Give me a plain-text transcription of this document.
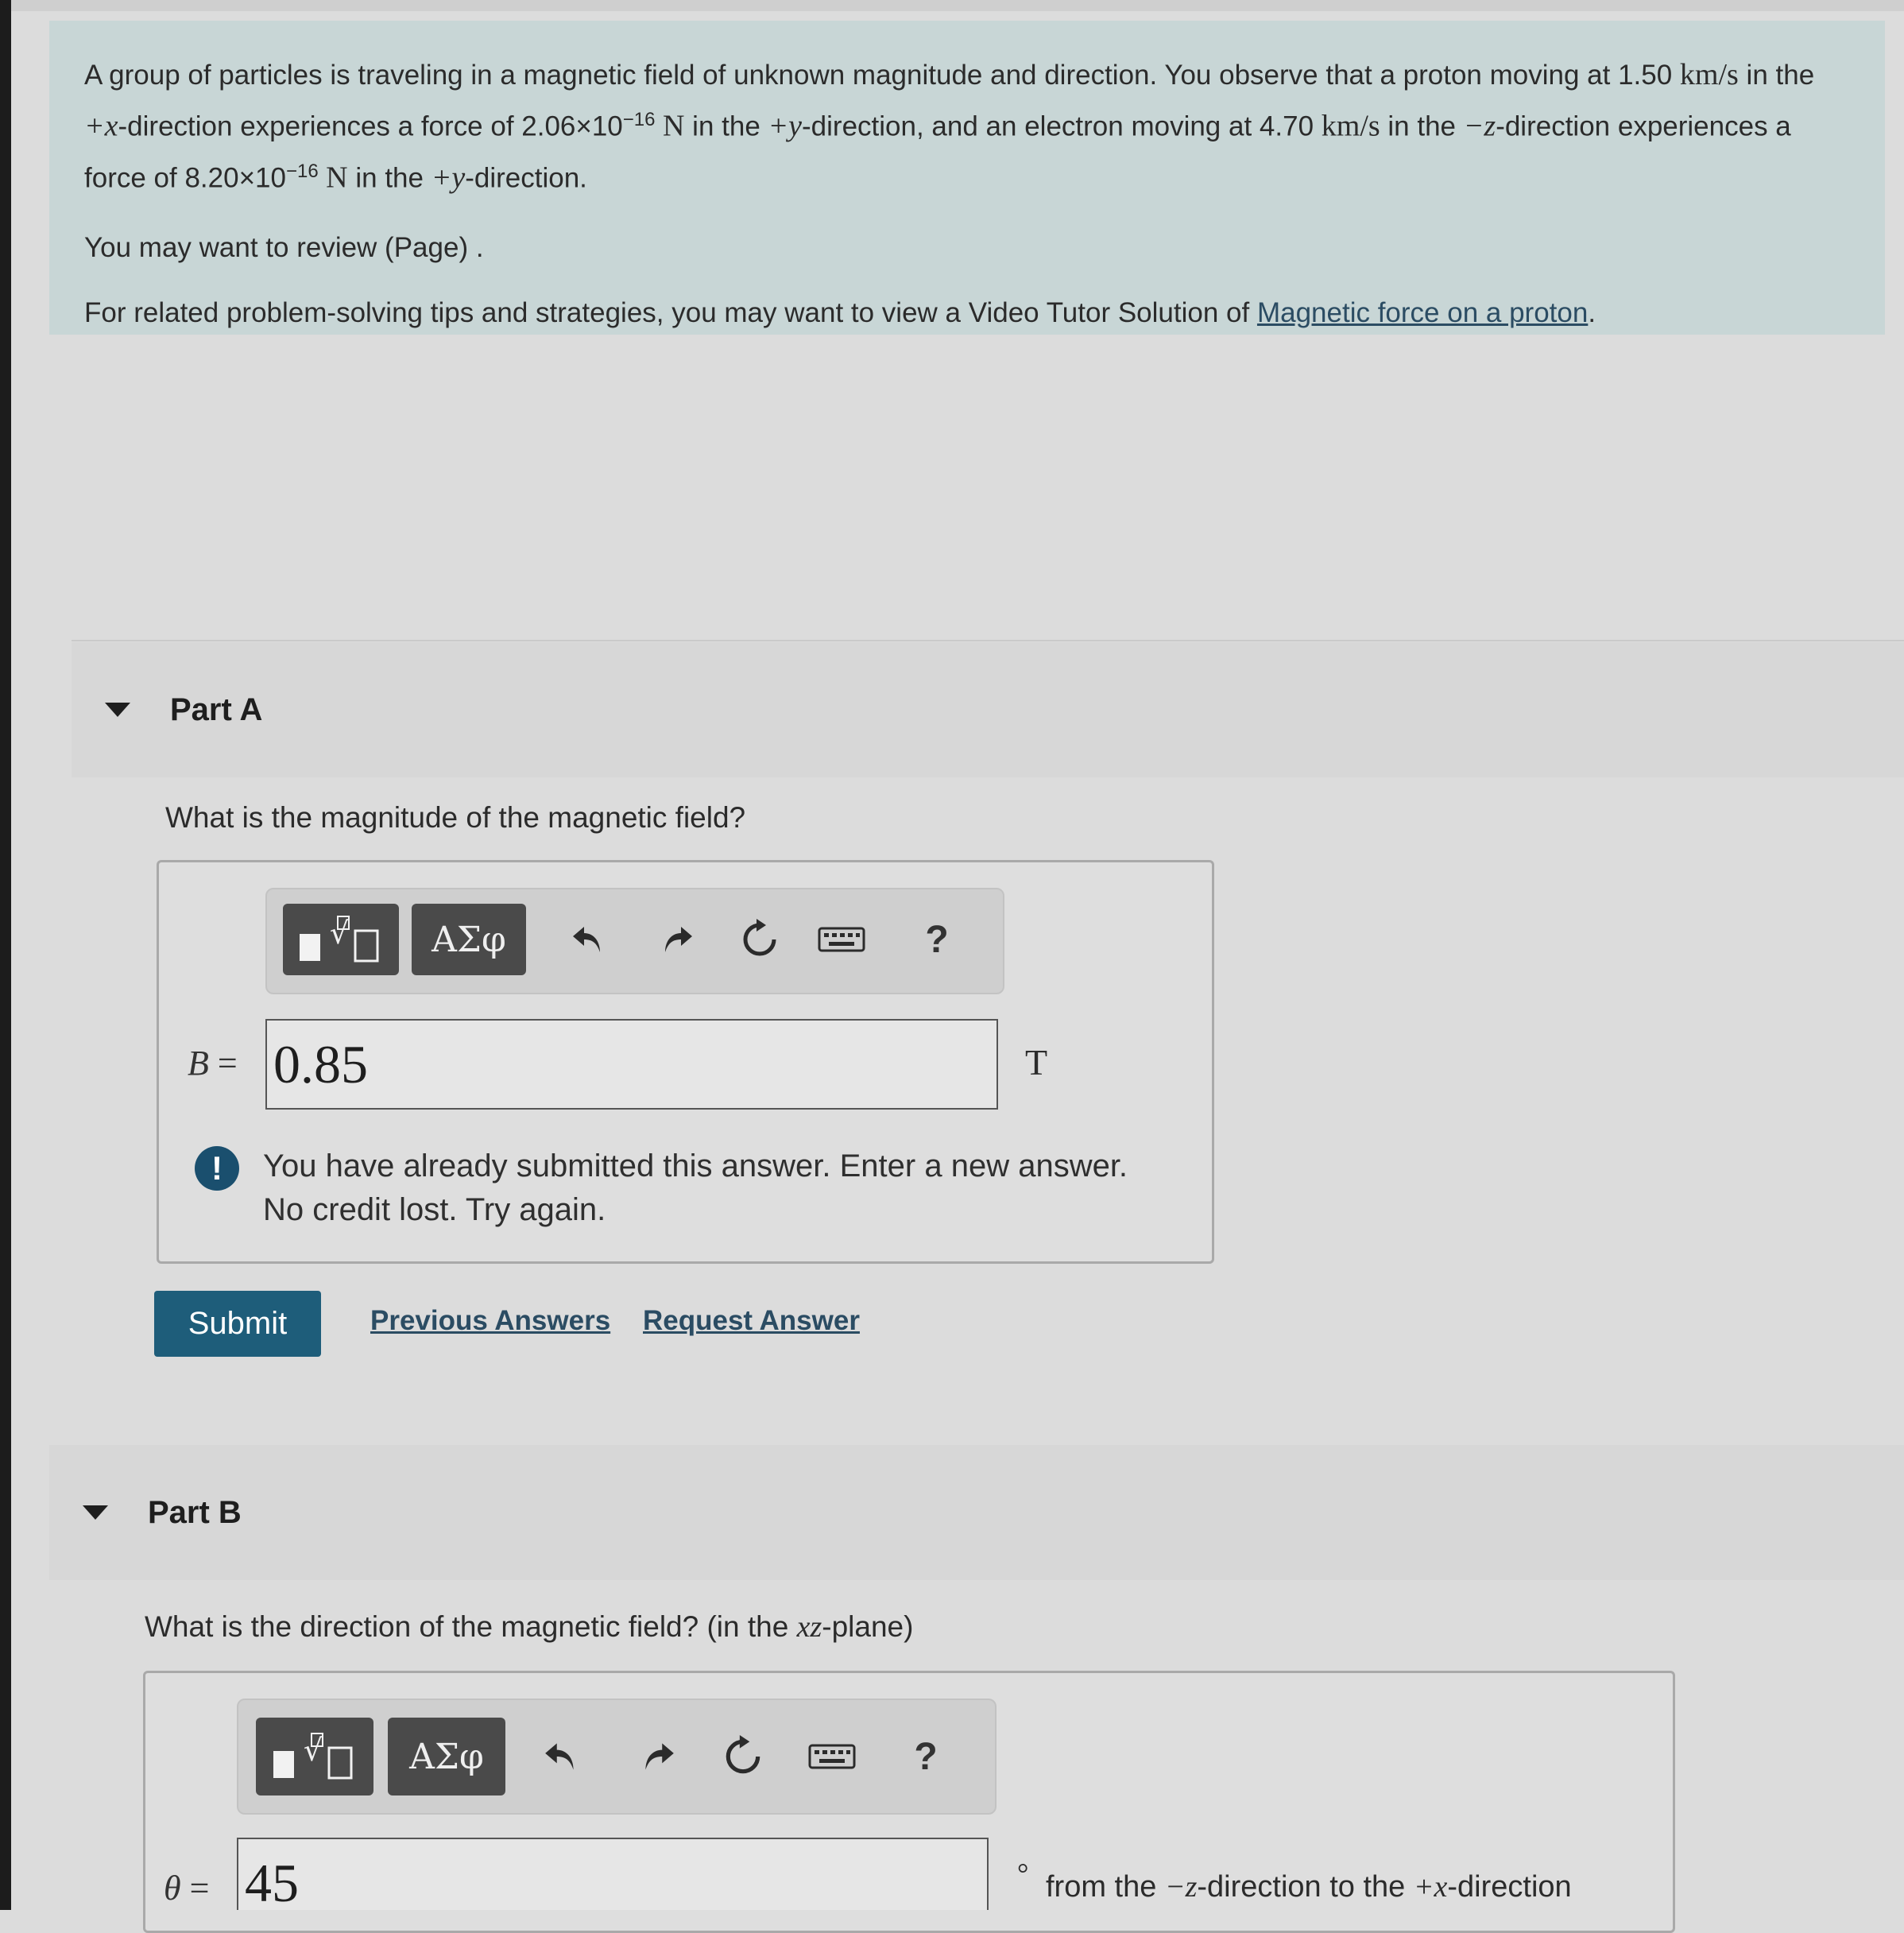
A group of particles is traveling in a magnetic field of unknown magnitude and direction. You observe that a proton moving at 1.50 km/s in the +x-direction experiences a force of $2.06\times 10^{-16}$ N in the +y-direction, and an electron moving at 4.70 km/s in the −z-direction experiences a force of $8.20\times 10^{-16}$ N in the +y-direction.

You may want to review (Page) .

For related problem-solving tips and strategies, you may want to view a Video Tutor Solution of Magnetic force on a proton.

Part A
What is the magnitude of the magnetic field?
√	ΑΣφ	?
B = 0.85	T
!	You have already submitted this answer. Enter a new answer.
No credit lost. Try again.
Submit	Previous Answers Request Answer
Part B
What is the direction of the magnetic field? (in the xz-plane)
√	ΑΣφ	?
θ = 45	° from the −z-direction to the +x-direction
